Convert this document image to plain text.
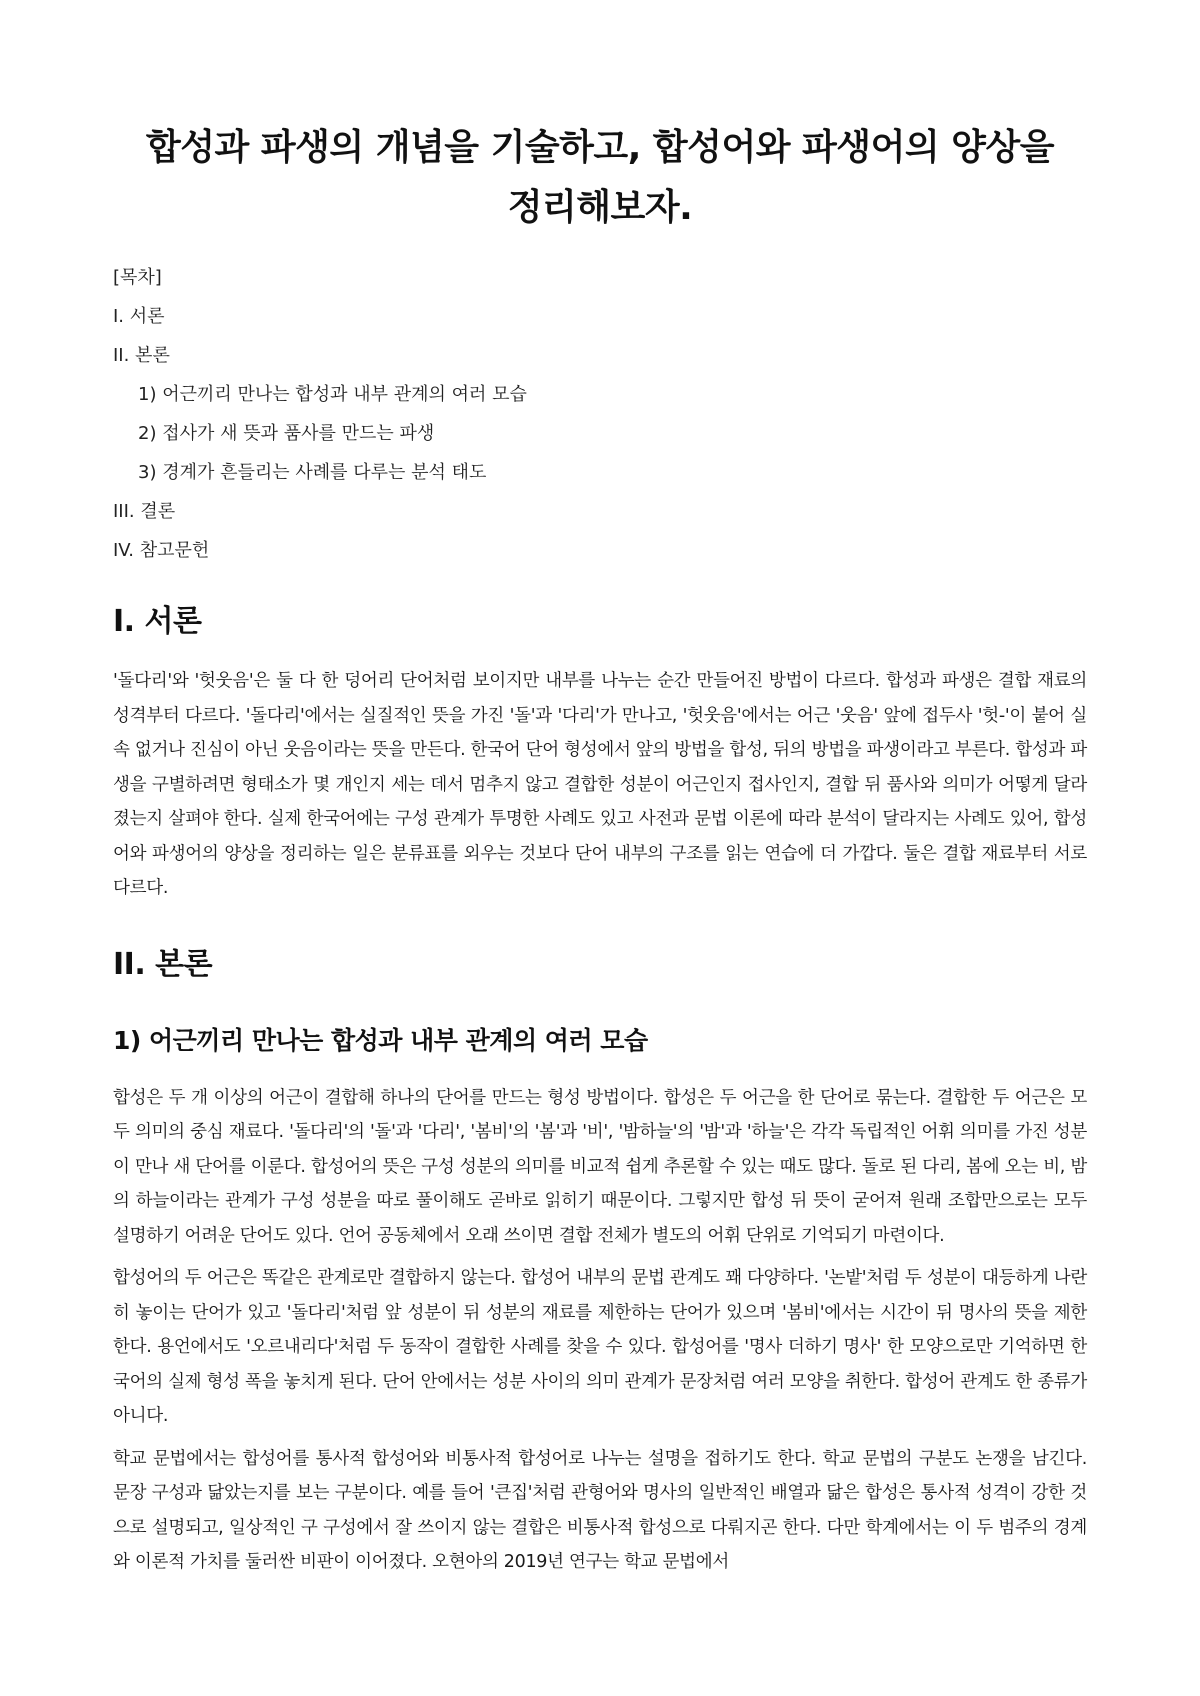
합성과 파생의 개념을 기술하고, 합성어와 파생어의 양상을 정리해보자.
[목차]
I. 서론
II. 본론
1) 어근끼리 만나는 합성과 내부 관계의 여러 모습
2) 접사가 새 뜻과 품사를 만드는 파생
3) 경계가 흔들리는 사례를 다루는 분석 태도
III. 결론
IV. 참고문헌
I. 서론

'돌다리'와 '헛웃음'은 둘 다 한 덩어리 단어처럼 보이지만 내부를 나누는 순간 만들어진 방법이 다르다. 합성과 파생은 결합 재료의 성격부터 다르다. '돌다리'에서는 실질적인 뜻을 가진 '돌'과 '다리'가 만나고, '헛웃음'에서는 어근 '웃음' 앞에 접두사 '헛-'이 붙어 실속 없거나 진심이 아닌 웃음이라는 뜻을 만든다. 한국어 단어 형성에서 앞의 방법을 합성, 뒤의 방법을 파생이라고 부른다. 합성과 파생을 구별하려면 형태소가 몇 개인지 세는 데서 멈추지 않고 결합한 성분이 어근인지 접사인지, 결합 뒤 품사와 의미가 어떻게 달라졌는지 살펴야 한다. 실제 한국어에는 구성 관계가 투명한 사례도 있고 사전과 문법 이론에 따라 분석이 달라지는 사례도 있어, 합성어와 파생어의 양상을 정리하는 일은 분류표를 외우는 것보다 단어 내부의 구조를 읽는 연습에 더 가깝다. 둘은 결합 재료부터 서로 다르다.

II. 본론
1) 어근끼리 만나는 합성과 내부 관계의 여러 모습

합성은 두 개 이상의 어근이 결합해 하나의 단어를 만드는 형성 방법이다. 합성은 두 어근을 한 단어로 묶는다. 결합한 두 어근은 모두 의미의 중심 재료다. '돌다리'의 '돌'과 '다리', '봄비'의 '봄'과 '비', '밤하늘'의 '밤'과 '하늘'은 각각 독립적인 어휘 의미를 가진 성분이 만나 새 단어를 이룬다. 합성어의 뜻은 구성 성분의 의미를 비교적 쉽게 추론할 수 있는 때도 많다. 돌로 된 다리, 봄에 오는 비, 밤의 하늘이라는 관계가 구성 성분을 따로 풀이해도 곧바로 읽히기 때문이다. 그렇지만 합성 뒤 뜻이 굳어져 원래 조합만으로는 모두 설명하기 어려운 단어도 있다. 언어 공동체에서 오래 쓰이면 결합 전체가 별도의 어휘 단위로 기억되기 마련이다.

합성어의 두 어근은 똑같은 관계로만 결합하지 않는다. 합성어 내부의 문법 관계도 꽤 다양하다. '논밭'처럼 두 성분이 대등하게 나란히 놓이는 단어가 있고 '돌다리'처럼 앞 성분이 뒤 성분의 재료를 제한하는 단어가 있으며 '봄비'에서는 시간이 뒤 명사의 뜻을 제한한다. 용언에서도 '오르내리다'처럼 두 동작이 결합한 사례를 찾을 수 있다. 합성어를 '명사 더하기 명사' 한 모양으로만 기억하면 한국어의 실제 형성 폭을 놓치게 된다. 단어 안에서는 성분 사이의 의미 관계가 문장처럼 여러 모양을 취한다. 합성어 관계도 한 종류가 아니다.

학교 문법에서는 합성어를 통사적 합성어와 비통사적 합성어로 나누는 설명을 접하기도 한다. 학교 문법의 구분도 논쟁을 남긴다. 문장 구성과 닮았는지를 보는 구분이다. 예를 들어 '큰집'처럼 관형어와 명사의 일반적인 배열과 닮은 합성은 통사적 성격이 강한 것으로 설명되고, 일상적인 구 구성에서 잘 쓰이지 않는 결합은 비통사적 합성으로 다뤄지곤 한다. 다만 학계에서는 이 두 범주의 경계와 이론적 가치를 둘러싼 비판이 이어졌다. 오현아의 2019년 연구는 학교 문법에서
